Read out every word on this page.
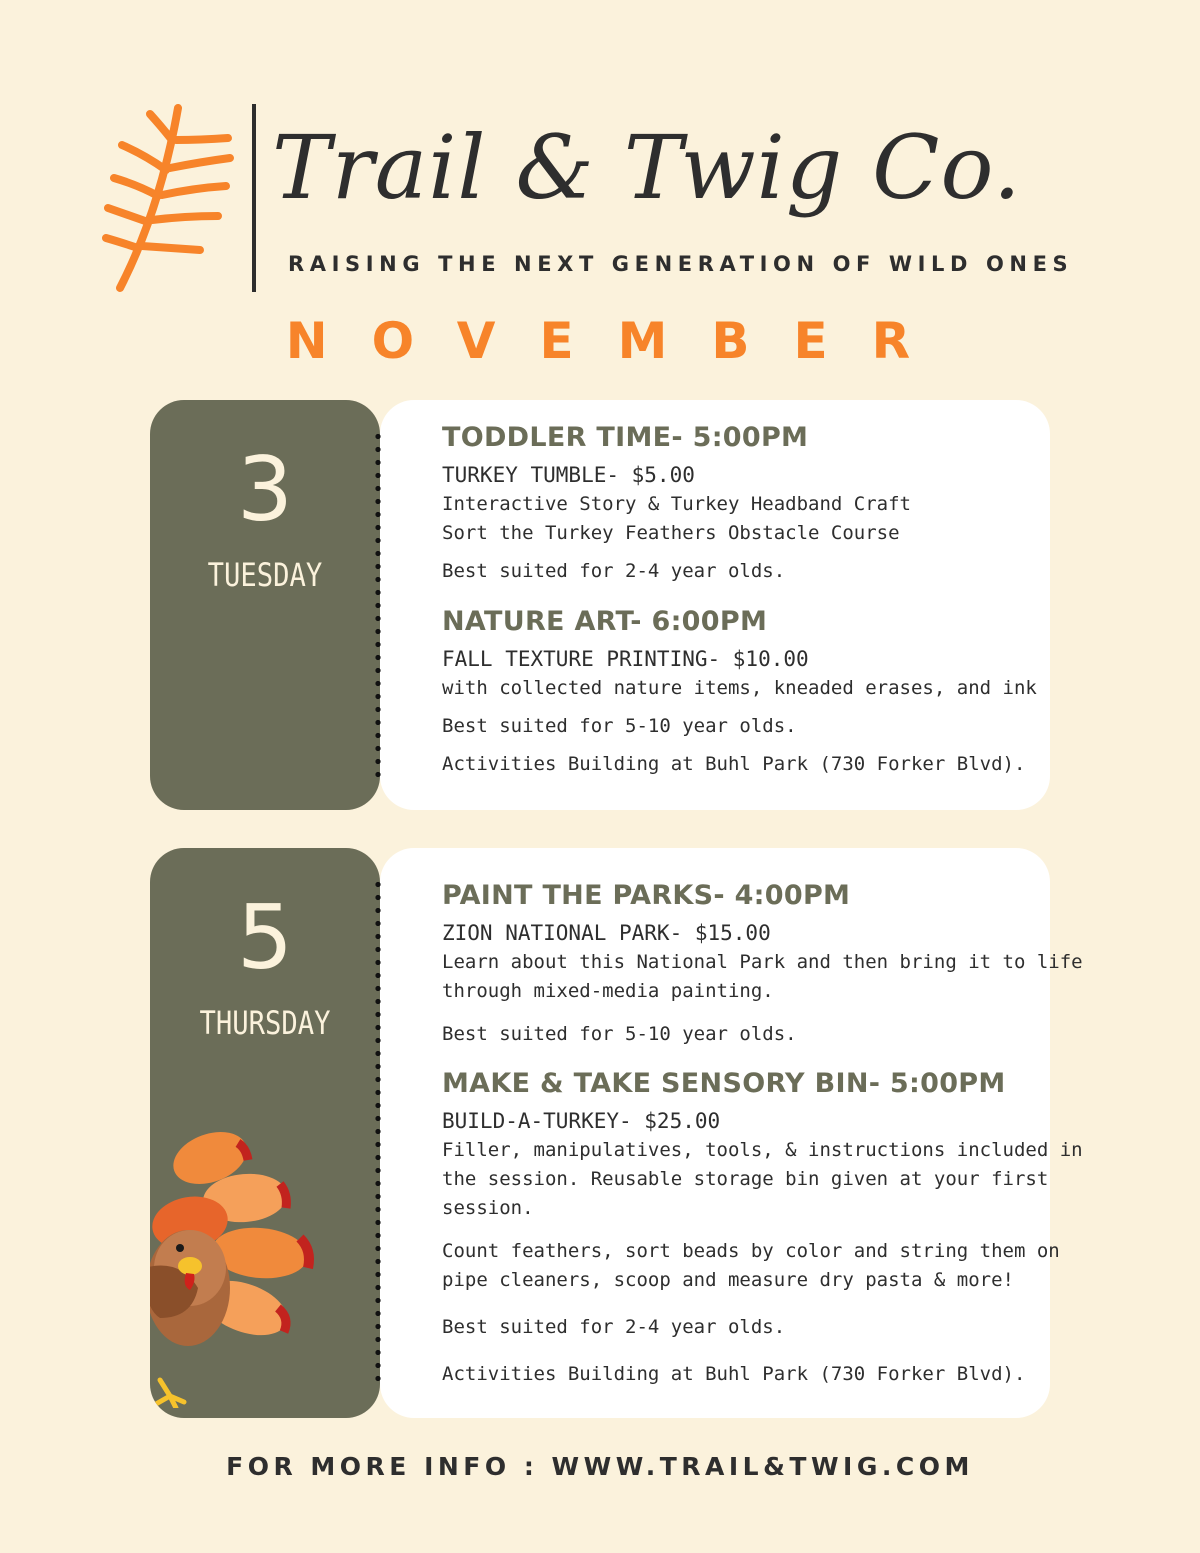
Trail & Twig Co.
RAISING THE NEXT GENERATION OF WILD ONES
NOVEMBER
3
TUESDAY
TODDLER TIME- 5:00PM
TURKEY TUMBLE- $5.00
Interactive Story & Turkey Headband Craft
Sort the Turkey Feathers Obstacle Course
Best suited for 2-4 year olds.
NATURE ART- 6:00PM
FALL TEXTURE PRINTING- $10.00
with collected nature items, kneaded erases, and ink
Best suited for 5-10 year olds.
Activities Building at Buhl Park (730 Forker Blvd).
5
THURSDAY
PAINT THE PARKS- 4:00PM
ZION NATIONAL PARK- $15.00
Learn about this National Park and then bring it to life
through mixed-media painting.
Best suited for 5-10 year olds.
MAKE & TAKE SENSORY BIN- 5:00PM
BUILD-A-TURKEY- $25.00
Filler, manipulatives, tools, & instructions included in
the session. Reusable storage bin given at your first
session.
Count feathers, sort beads by color and string them on
pipe cleaners, scoop and measure dry pasta & more!
Best suited for 2-4 year olds.
Activities Building at Buhl Park (730 Forker Blvd).
FOR MORE INFO : WWW.TRAIL&TWIG.COM
